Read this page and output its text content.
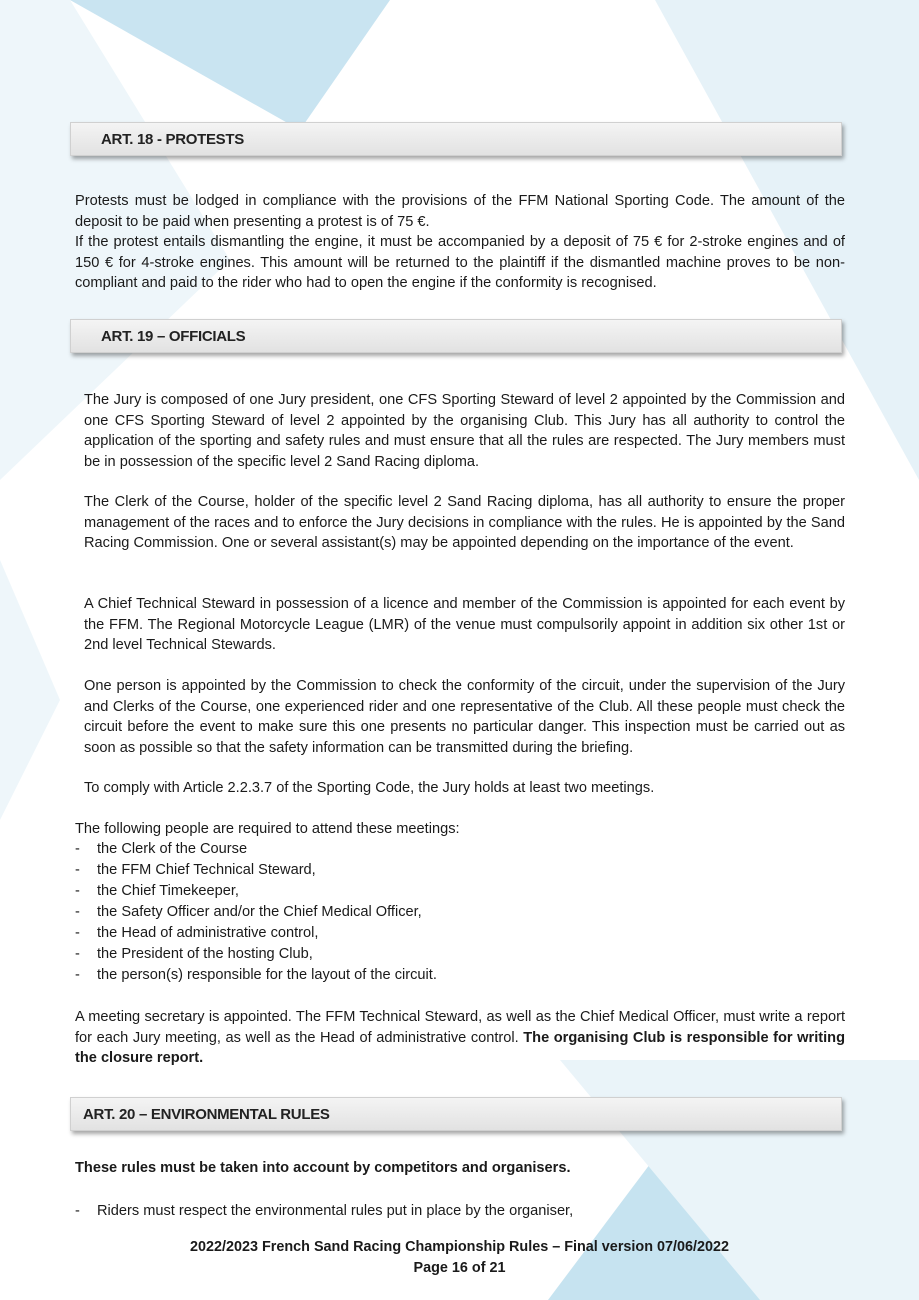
ART. 18 - PROTESTS

Protests must be lodged in compliance with the provisions of the FFM National Sporting Code. The amount of the deposit to be paid when presenting a protest is of 75 €.

If the protest entails dismantling the engine, it must be accompanied by a deposit of 75 € for 2-stroke engines and of 150 € for 4-stroke engines. This amount will be returned to the plaintiff if the dismantled machine proves to be non-compliant and paid to the rider who had to open the engine if the conformity is recognised.

ART. 19 – OFFICIALS

The Jury is composed of one Jury president, one CFS Sporting Steward of level 2 appointed by the Commission and one CFS Sporting Steward of level 2 appointed by the organising Club. This Jury has all authority to control the application of the sporting and safety rules and must ensure that all the rules are respected. The Jury members must be in possession of the specific level 2 Sand Racing diploma.

The Clerk of the Course, holder of the specific level 2 Sand Racing diploma, has all authority to ensure the proper management of the races and to enforce the Jury decisions in compliance with the rules. He is appointed by the Sand Racing Commission. One or several assistant(s) may be appointed depending on the importance of the event.

A Chief Technical Steward in possession of a licence and member of the Commission is appointed for each event by the FFM. The Regional Motorcycle League (LMR) of the venue must compulsorily appoint in addition six other 1st or 2nd level Technical Stewards.

One person is appointed by the Commission to check the conformity of the circuit, under the supervision of the Jury and Clerks of the Course, one experienced rider and one representative of the Club. All these people must check the circuit before the event to make sure this one presents no particular danger. This inspection must be carried out as soon as possible so that the safety information can be transmitted during the briefing.

To comply with Article 2.2.3.7 of the Sporting Code, the Jury holds at least two meetings.

The following people are required to attend these meetings:

- the Clerk of the Course
- the FFM Chief Technical Steward,
- the Chief Timekeeper,
- the Safety Officer and/or the Chief Medical Officer,
- the Head of administrative control,
- the President of the hosting Club,
- the person(s) responsible for the layout of the circuit.

A meeting secretary is appointed. The FFM Technical Steward, as well as the Chief Medical Officer, must write a report for each Jury meeting, as well as the Head of administrative control. The organising Club is responsible for writing the closure report.

ART. 20 – ENVIRONMENTAL RULES

These rules must be taken into account by competitors and organisers.

- Riders must respect the environmental rules put in place by the organiser,
2022/2023 French Sand Racing Championship Rules – Final version 07/06/2022
Page 16 of 21
